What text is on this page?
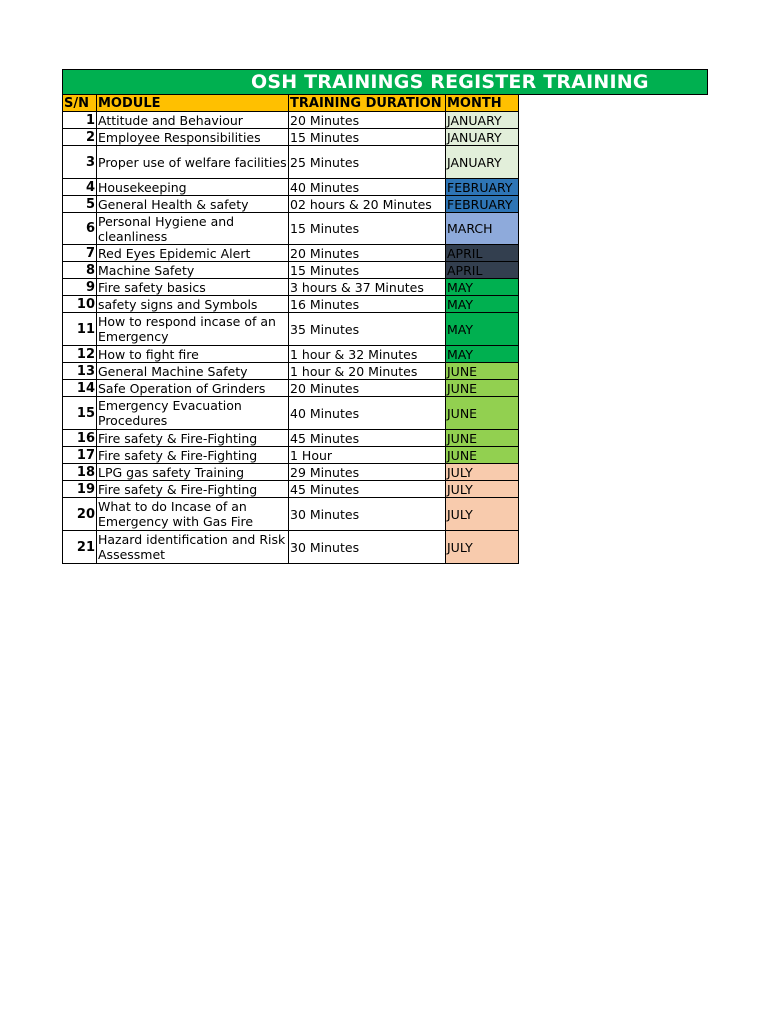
OSH TRAININGS REGISTER TRAINING
S/N	MODULE	TRAINING DURATION	MONTH
1	Attitude and Behaviour	20 Minutes	JANUARY
2	Employee Responsibilities	15 Minutes	JANUARY
3	Proper use of welfare facilities	25 Minutes	JANUARY
4	Housekeeping	40 Minutes	FEBRUARY
5	General Health & safety	02 hours & 20 Minutes	FEBRUARY
6	Personal Hygiene and cleanliness	15 Minutes	MARCH
7	Red Eyes Epidemic Alert	20 Minutes	APRIL
8	Machine Safety	15 Minutes	APRIL
9	Fire safety basics	3 hours & 37 Minutes	MAY
10	safety signs and Symbols	16 Minutes	MAY
11	How to respond incase of an Emergency	35 Minutes	MAY
12	How to fight fire	1 hour & 32 Minutes	MAY
13	General Machine Safety	1 hour & 20 Minutes	JUNE
14	Safe Operation of Grinders	20 Minutes	JUNE
15	Emergency Evacuation Procedures	40 Minutes	JUNE
16	Fire safety & Fire-Fighting	45 Minutes	JUNE
17	Fire safety & Fire-Fighting	1 Hour	JUNE
18	LPG gas safety Training	29 Minutes	JULY
19	Fire safety & Fire-Fighting	45 Minutes	JULY
20	What to do Incase of an Emergency with Gas Fire	30 Minutes	JULY
21	Hazard identification and Risk Assessmet	30 Minutes	JULY
